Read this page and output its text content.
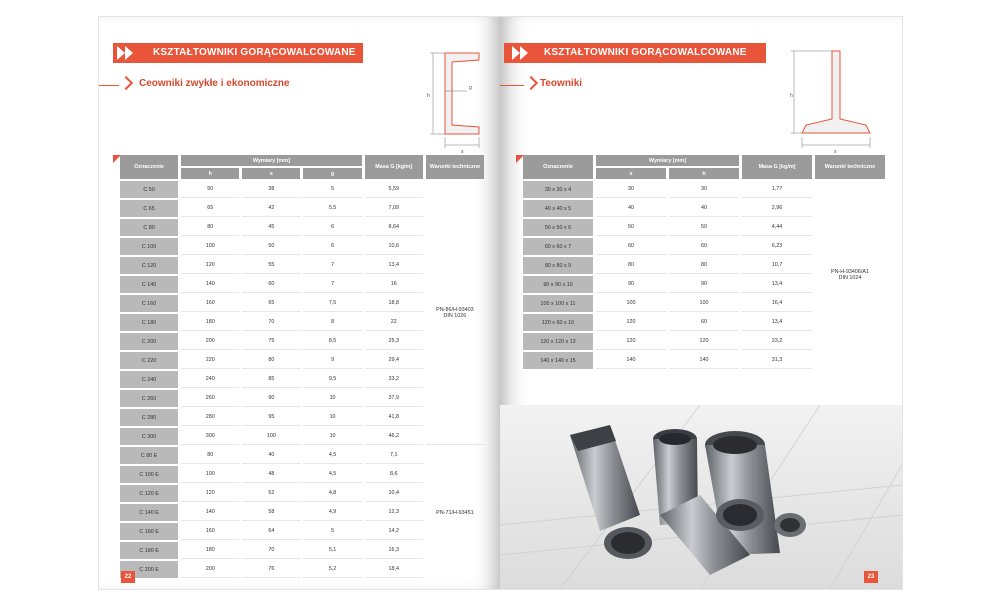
KSZTAŁTOWNIKI GORĄCOWALCOWANE
Ceowniki zwykłe i ekonomiczne
h
s
g
Oznaczenie	Wymiary [mm]			Masa G [kg/m]	Warunki techniczne
	h	s	g		
C 50	50	38	5	5,59	PN-86/H-93403
DIN 1026
C 65	65	42	5,5	7,09	
C 80	80	45	6	8,64	
C 100	100	50	6	10,6	
C 120	120	55	7	13,4	
C 140	140	60	7	16	
C 160	160	65	7,5	18,8	
C 180	180	70	8	22	
C 200	200	75	8,5	25,3	
C 220	220	80	9	29,4	
C 240	240	85	9,5	33,2	
C 260	260	90	10	37,9	
C 280	280	95	10	41,8	
C 300	300	100	10	46,2	
C 80 E	80	40	4,5	7,1	PN-71/H-93451
C 100 E	100	48	4,5	8,6	
C 120 E	120	52	4,8	10,4	
C 140 E	140	58	4,9	12,3	
C 160 E	160	64	5	14,2	
C 180 E	180	70	5,1	16,3	
C 200 E	200	76	5,2	18,4	
22
KSZTAŁTOWNIKI GORĄCOWALCOWANE
Teowniki
h
s
Oznaczenie	Wymiary [mm]		Masa G [kg/m]	Warunki techniczne
	s	h		
30 x 30 x 4	30	30	1,77	PN-H-93406/A1
DIN 1024
40 x 40 x 5	40	40	2,96	
50 x 50 x 6	50	50	4,44	
60 x 60 x 7	60	60	6,23	
80 x 80 x 9	80	80	10,7	
90 x 90 x 10	90	90	13,4	
100 x 100 x 11	100	100	16,4	
120 x 60 x 10	120	60	13,4	
120 x 120 x 13	120	120	23,2	
140 x 140 x 15	140	140	31,3	
23
